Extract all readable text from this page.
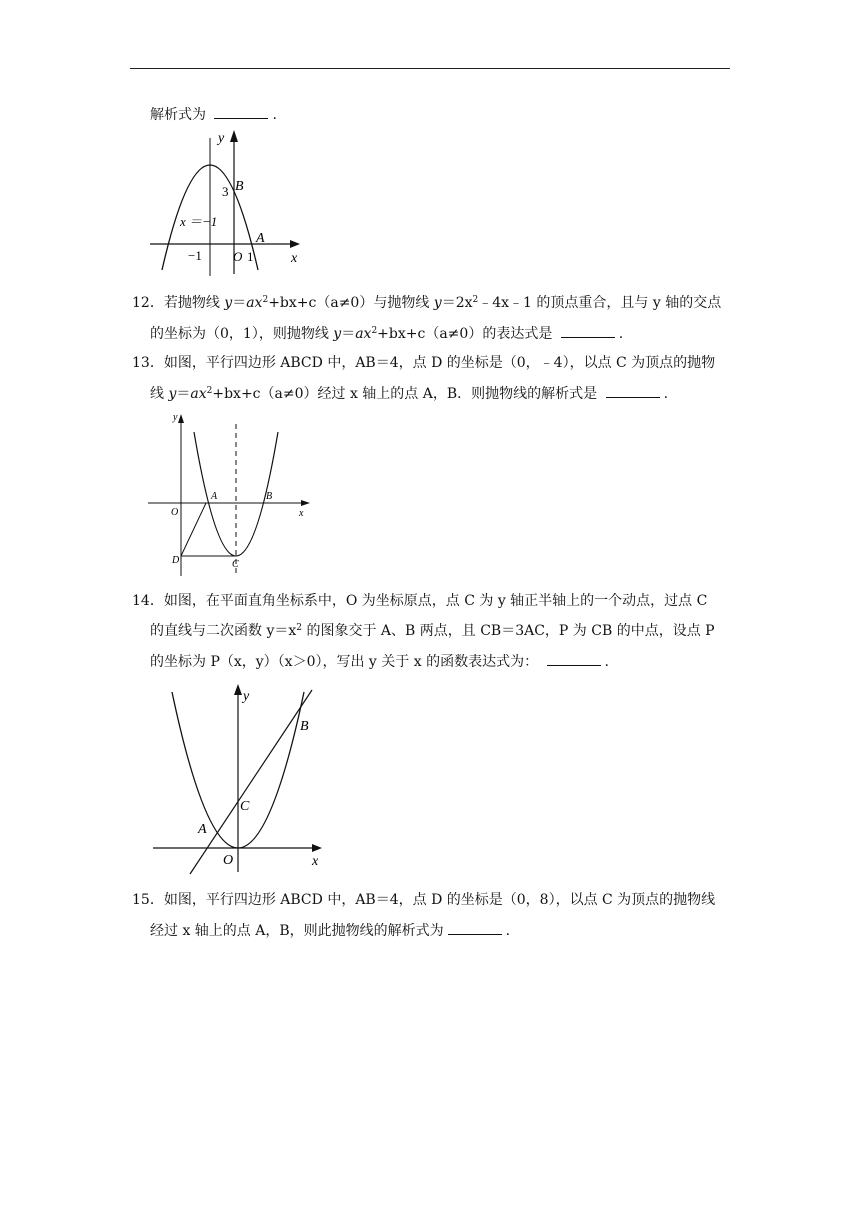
解析式为	.
y
x
B
3
x ＝−1
A
−1 O 1
12．若抛物线 $y=ax^2+bx+c(a\ne 0)$与抛物线 $y=2x^2﹣4x﹣1$ 的顶点重合，且与 y 轴的交点
的坐标为（0，1），则抛物线 $y=ax^2+bx+c(a\ne 0)$的表达式是	.
13．如图，平行四边形 ABCD 中，AB＝4，点 D 的坐标是（0，﹣4），以点 C 为顶点的抛物
线 $y=ax^2+bx+c(a\ne 0)$经过 x 轴上的点 A，B．则抛物线的解析式是	.
y
x
O
A	B
D	C
14．如图，在平面直角坐标系中，O 为坐标原点，点 C 为 y 轴正半轴上的一个动点，过点 C
的直线与二次函数 $y=x^2$ 的图象交于 A、B 两点，且 CB＝3AC，P 为 CB 的中点，设点 P
的坐标为 P（x，y）（x＞0），写出 y 关于 x 的函数表达式为：	.
y
x
O
A
C
B
15．如图，平行四边形 ABCD 中，AB＝4，点 D 的坐标是（0，8），以点 C 为顶点的抛物线
经过 x 轴上的点 A，B，则此抛物线的解析式为	.
